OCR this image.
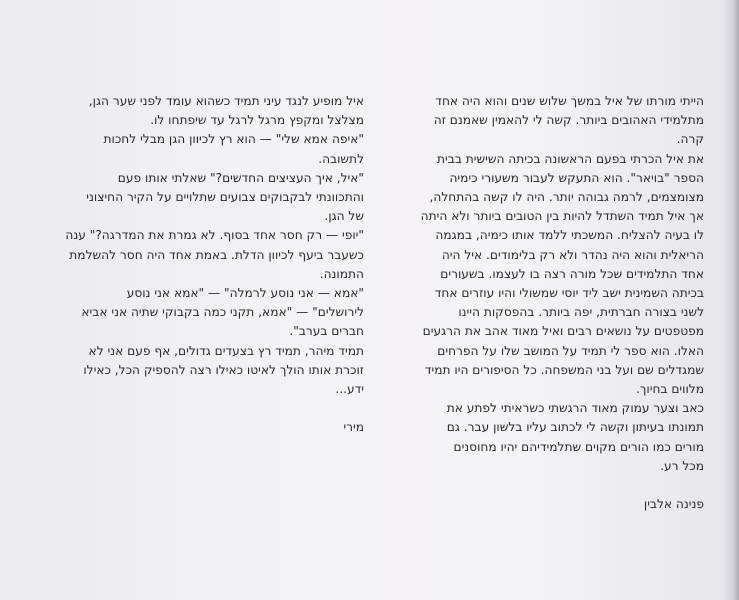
הייתי מורתו של איל במשך שלוש שנים והוא היה אחד

מתלמידי האהובים ביותר. קשה לי להאמין שאמנם זה

קרה.

את איל הכרתי בפעם הראשונה בכיתה השישית בבית

הספר "בויאר". הוא התעקש לעבור משעורי כימיה

מצומצמים, לרמה גבוהה יותר. היה לו קשה בהתחלה,

אך איל תמיד השתדל להיות בין הטובים ביותר ולא היתה

לו בעיה להצליח. המשכתי ללמד אותו כימיה, במגמה

הריאלית והוא היה נהדר ולא רק בלימודים. איל היה

אחד התלמידים שכל מורה רצה בו לעצמו. בשעורים

בכיתה השמינית ישב ליד יוסי שמשולי והיו עוזרים אחד

לשני בצורה חברתית, יפה ביותר. בהפסקות היינו

מפטפטים על נושאים רבים ואיל מאוד אהב את הרגעים

האלו. הוא ספר לי תמיד על המושב שלו על הפרחים

שמגדלים שם ועל בני המשפחה. כל הסיפורים היו תמיד

מלווים בחיוך.

כאב וצער עמוק מאוד הרגשתי כשראיתי לפתע את

תמונתו בעיתון וקשה לי לכתוב עליו בלשון עבר. גם

מורים כמו הורים מקוים שתלמידיהם יהיו מחוסנים

מכל רע.

פנינה אלבין

איל מופיע לנגד עיני תמיד כשהוא עומד לפני שער הגן,

מצלצל ומקפץ מרגל לרגל עד שיפתחו לו.

"איפה אמא שלי" — הוא רץ לכיוון הגן מבלי לחכות

לתשובה.

"איל, איך העציצים החדשים?" שאלתי אותו פעם

והתכוונתי לבקבוקים צבועים שתלויים על הקיר החיצוני

של הגן.

"יופי — רק חסר אחד בסוף. לא גמרת את המדרגה?" ענה

כשעבר ביעף לכיוון הדלת. באמת אחד היה חסר להשלמת

התמונה.

"אמא — אני נוסע לרמלה" — "אמא אני נוסע

לירושלים" — "אמא, תקני כמה בקבוקי שתיה אני אביא

חברים בערב".

תמיד מיהר, תמיד רץ בצעדים גדולים, אף פעם אני לא

זוכרת אותו הולך לאיטו כאילו רצה להספיק הכל, כאילו

ידע...

מירי
